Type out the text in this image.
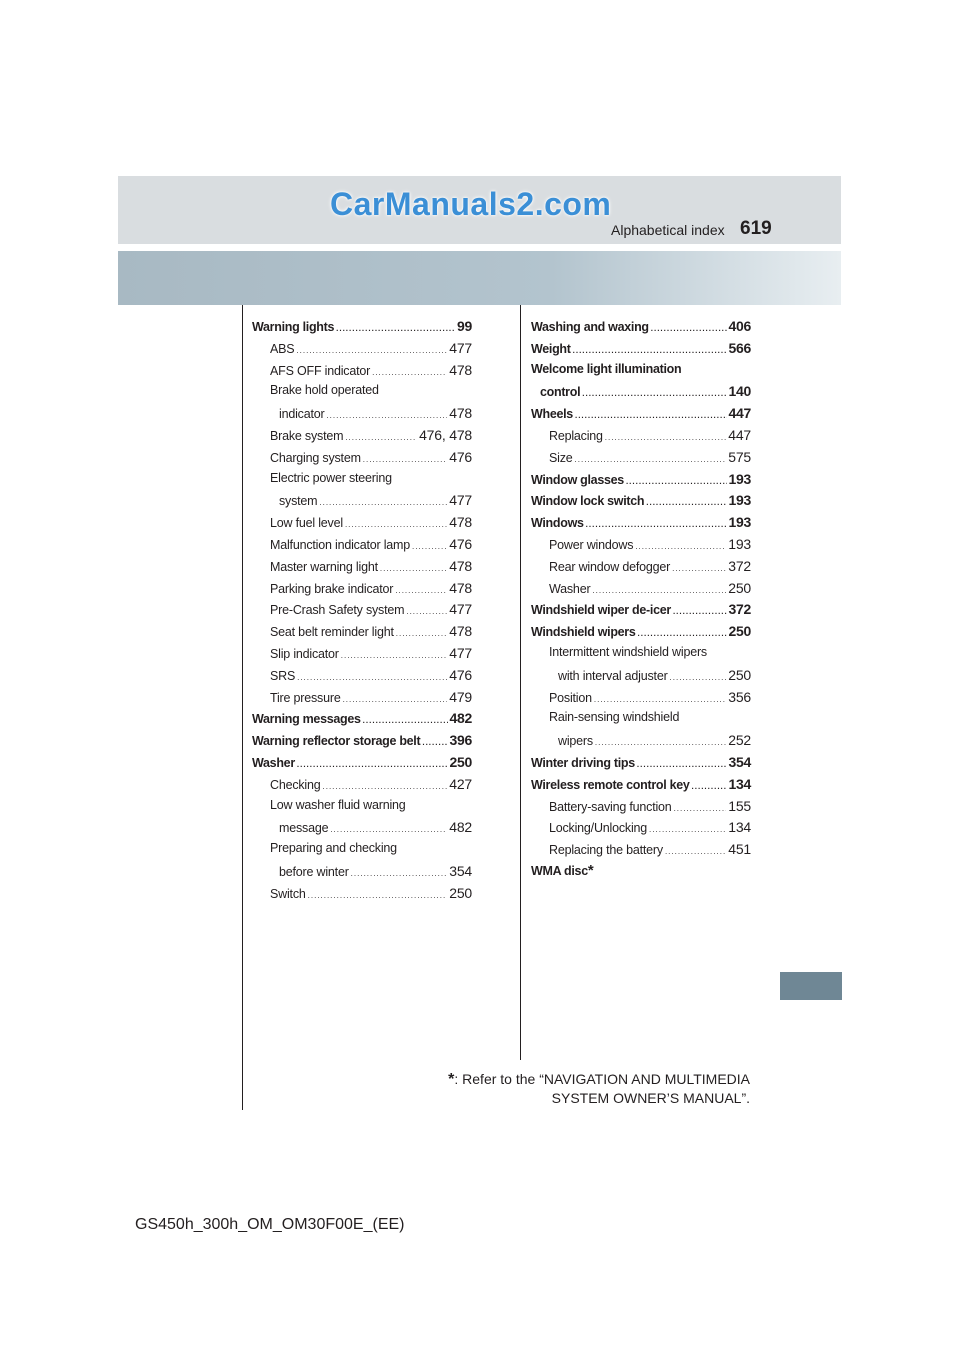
CarManuals2.com
Alphabetical index 619
Warning lights .....	99
ABS .....	477
AFS OFF indicator .....	478
Brake hold operated
indicator .....	478
Brake system .....	476, 478
Charging system .....	476
Electric power steering
system .....	477
Low fuel level .....	478
Malfunction indicator lamp .....	476
Master warning light .....	478
Parking brake indicator .....	478
Pre-Crash Safety system .....	477
Seat belt reminder light .....	478
Slip indicator .....	477
SRS .....	476
Tire pressure .....	479
Warning messages .....	482
Warning reflector storage belt ..... 396
Washer .....	250
Checking .....	427
Low washer fluid warning
message .....	482
Preparing and checking
before winter .....	354
Switch .....	250
Washing and waxing .....	406
Weight .....	566
Welcome light illumination
control .....	140
Wheels .....	447
Replacing .....	447
Size .....	575
Window glasses .....	193
Window lock switch .....	193
Windows .....	193
Power windows .....	193
Rear window defogger .....	372
Washer .....	250
Windshield wiper de-icer .....	372
Windshield wipers .....	250
Intermittent windshield wipers
with interval adjuster .....	250
Position .....	356
Rain-sensing windshield
wipers .....	252
Winter driving tips .....	354
Wireless remote control key .....	134
Battery-saving function .....	155
Locking/Unlocking .....	134
Replacing the battery .....	451
WMA disc *
*: Refer to the “NAVIGATION AND MULTIMEDIA
SYSTEM OWNER’S MANUAL”.
GS450h_300h_OM_OM30F00E_(EE)
